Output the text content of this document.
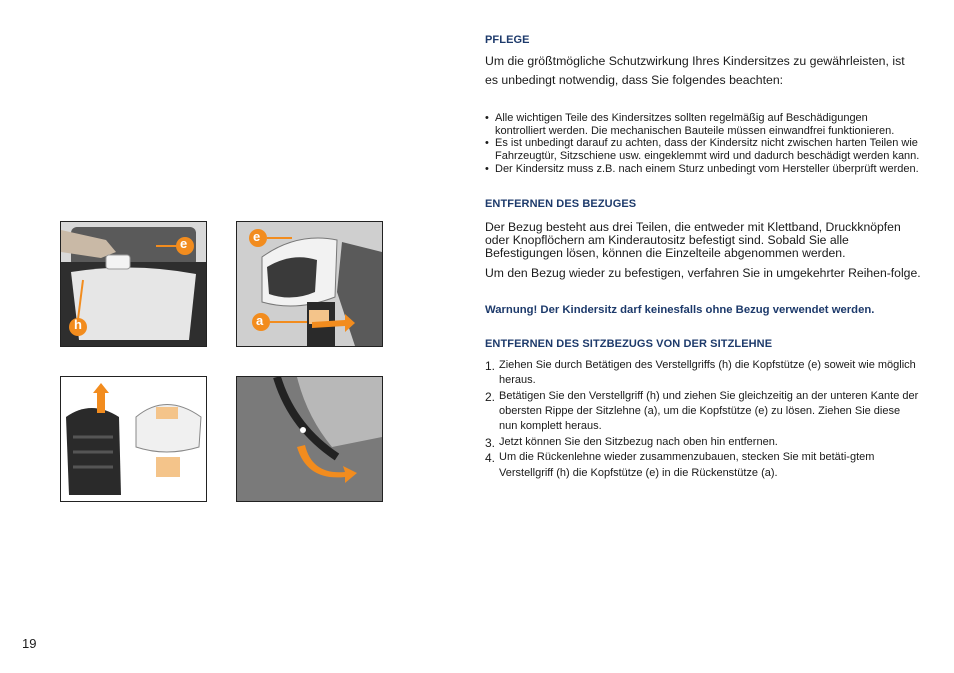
e
h
e
a

PFLEGE

Um die größtmögliche Schutzwirkung Ihres Kindersitzes zu gewährleisten, ist es unbedingt notwendig, dass Sie folgendes beachten:

• Alle wichtigen Teile des Kindersitzes sollten regelmäßig auf Beschädigungen kontrolliert werden. Die mechanischen Bauteile müssen einwandfrei funktionieren.
• Es ist unbedingt darauf zu achten, dass der Kindersitz nicht zwischen harten Teilen wie Fahrzeugtür, Sitzschiene usw. eingeklemmt wird und dadurch beschädigt werden kann.
• Der Kindersitz muss z.B. nach einem Sturz unbedingt vom Hersteller überprüft werden.

ENTFERNEN DES BEZUGES

Der Bezug besteht aus drei Teilen, die entweder mit Klettband, Druckknöpfen oder Knopflöchern am Kinderautositz befestigt sind. Sobald Sie alle Befestigungen lösen, können die Einzelteile abgenommen werden.

Um den Bezug wieder zu befestigen, verfahren Sie in umgekehrter Reihen-folge.

Warnung! Der Kindersitz darf keinesfalls ohne Bezug verwendet werden.

ENTFERNEN DES SITZBEZUGS VON DER SITZLEHNE

1. Ziehen Sie durch Betätigen des Verstellgriffs (h) die Kopfstütze (e) soweit wie möglich heraus.
2. Betätigen Sie den Verstellgriff (h) und ziehen Sie gleichzeitig an der unteren Kante der obersten Rippe der Sitzlehne (a), um die Kopfstütze (e) zu lösen. Ziehen Sie diese nun komplett heraus.
3. Jetzt können Sie den Sitzbezug nach oben hin entfernen.
4. Um die Rückenlehne wieder zusammenzubauen, stecken Sie mit betäti-gtem Verstellgriff (h) die Kopfstütze (e) in die Rückenstütze (a).
19
